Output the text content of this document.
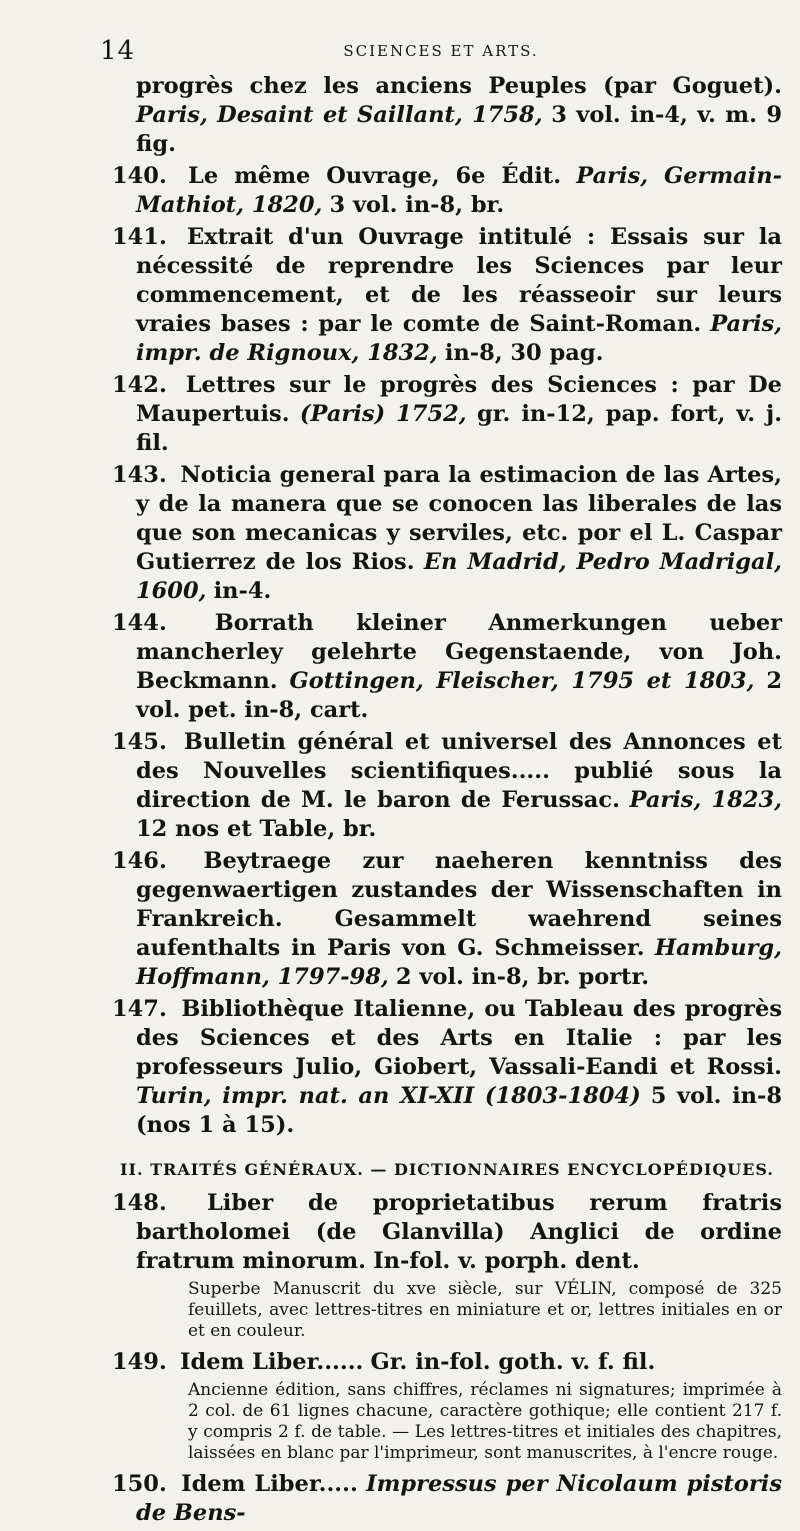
14	SCIENCES ET ARTS.

progrès chez les anciens Peuples (par Goguet). Paris, Desaint et Saillant, 1758, 3 vol. in-4, v. m. 9 fig.

140. Le même Ouvrage, 6e Édit. Paris, Germain-Mathiot, 1820, 3 vol. in-8, br.

141. Extrait d'un Ouvrage intitulé : Essais sur la nécessité de reprendre les Sciences par leur commencement, et de les réasseoir sur leurs vraies bases : par le comte de Saint-Roman. Paris, impr. de Rignoux, 1832, in-8, 30 pag.

142. Lettres sur le progrès des Sciences : par De Maupertuis. (Paris) 1752, gr. in-12, pap. fort, v. j. fil.

143. Noticia general para la estimacion de las Artes, y de la manera que se conocen las liberales de las que son mecanicas y serviles, etc. por el L. Caspar Gutierrez de los Rios. En Madrid, Pedro Madrigal, 1600, in-4.

144. Borrath kleiner Anmerkungen ueber mancherley gelehrte Gegenstaende, von Joh. Beckmann. Gottingen, Fleischer, 1795 et 1803, 2 vol. pet. in-8, cart.

145. Bulletin général et universel des Annonces et des Nouvelles scientifiques..... publié sous la direction de M. le baron de Ferussac. Paris, 1823, 12 nos et Table, br.

146. Beytraege zur naeheren kenntniss des gegenwaertigen zustandes der Wissenschaften in Frankreich. Gesammelt waehrend seines aufenthalts in Paris von G. Schmeisser. Hamburg, Hoffmann, 1797-98, 2 vol. in-8, br. portr.

147. Bibliothèque Italienne, ou Tableau des progrès des Sciences et des Arts en Italie : par les professeurs Julio, Giobert, Vassali-Eandi et Rossi. Turin, impr. nat. an XI-XII (1803-1804) 5 vol. in-8 (nos 1 à 15).

II. TRAITÉS GÉNÉRAUX. — DICTIONNAIRES ENCYCLOPÉDIQUES.

148. Liber de proprietatibus rerum fratris bartholomei (de Glanvilla) Anglici de ordine fratrum minorum. In-fol. v. porph. dent.

Superbe Manuscrit du xve siècle, sur VÉLIN, composé de 325 feuillets, avec lettres-titres en miniature et or, lettres initiales en or et en couleur.

149. Idem Liber...... Gr. in-fol. goth. v. f. fil.

Ancienne édition, sans chiffres, réclames ni signatures; imprimée à 2 col. de 61 lignes chacune, caractère gothique; elle contient 217 f. y compris 2 f. de table. — Les lettres-titres et initiales des chapitres, laissées en blanc par l'imprimeur, sont manuscrites, à l'encre rouge.

150. Idem Liber..... Impressus per Nicolaum pistoris de Bens-
